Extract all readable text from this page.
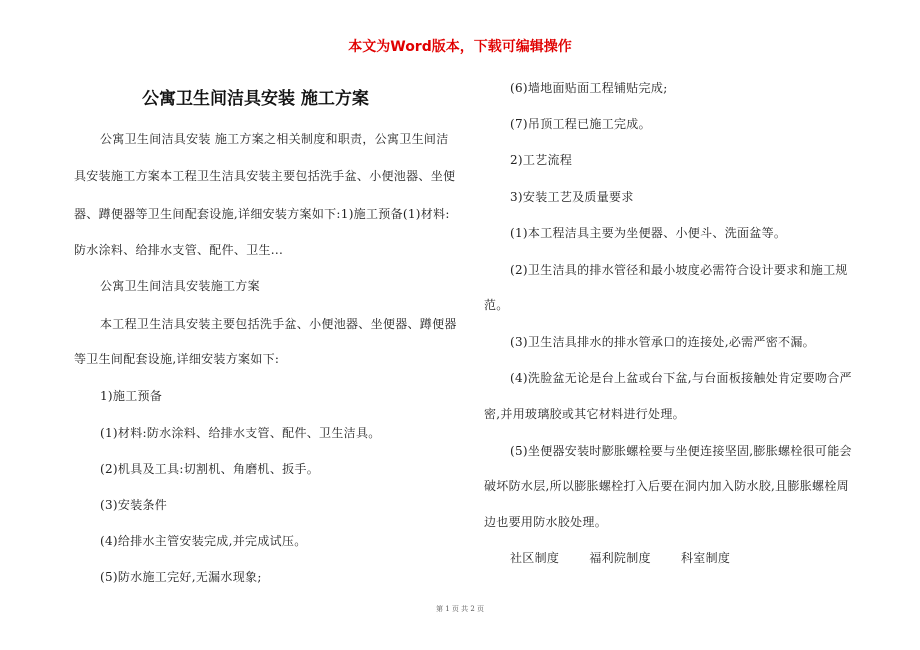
本文为Word版本，下载可编辑操作
公寓卫生间洁具安装 施工方案
公寓卫生间洁具安装 施工方案之相关制度和职责，公寓卫生间洁
具安装施工方案本工程卫生洁具安装主要包括洗手盆、小便池器、坐便
器、蹲便器等卫生间配套设施,详细安装方案如下:1)施工预备(1)材料:
防水涂料、给排水支管、配件、卫生...
公寓卫生间洁具安装施工方案
本工程卫生洁具安装主要包括洗手盆、小便池器、坐便器、蹲便器
等卫生间配套设施,详细安装方案如下:
1)施工预备
(1)材料:防水涂料、给排水支管、配件、卫生洁具。
(2)机具及工具:切割机、角磨机、扳手。
(3)安装条件
(4)给排水主管安装完成,并完成试压。
(5)防水施工完好,无漏水现象;
(6)墙地面贴面工程铺贴完成;
(7)吊顶工程已施工完成。
2)工艺流程
3)安装工艺及质量要求
(1)本工程洁具主要为坐便器、小便斗、洗面盆等。
(2)卫生洁具的排水管径和最小坡度必需符合设计要求和施工规
范。
(3)卫生洁具排水的排水管承口的连接处,必需严密不漏。
(4)洗脸盆无论是台上盆或台下盆,与台面板接触处肯定要吻合严
密,并用玻璃胶或其它材料进行处理。
(5)坐便器安装时膨胀螺栓要与坐便连接坚固,膨胀螺栓很可能会
破坏防水层,所以膨胀螺栓打入后要在洞内加入防水胶,且膨胀螺栓周
边也要用防水胶处理。
社区制度	福利院制度	科室制度
第 1 页 共 2 页
